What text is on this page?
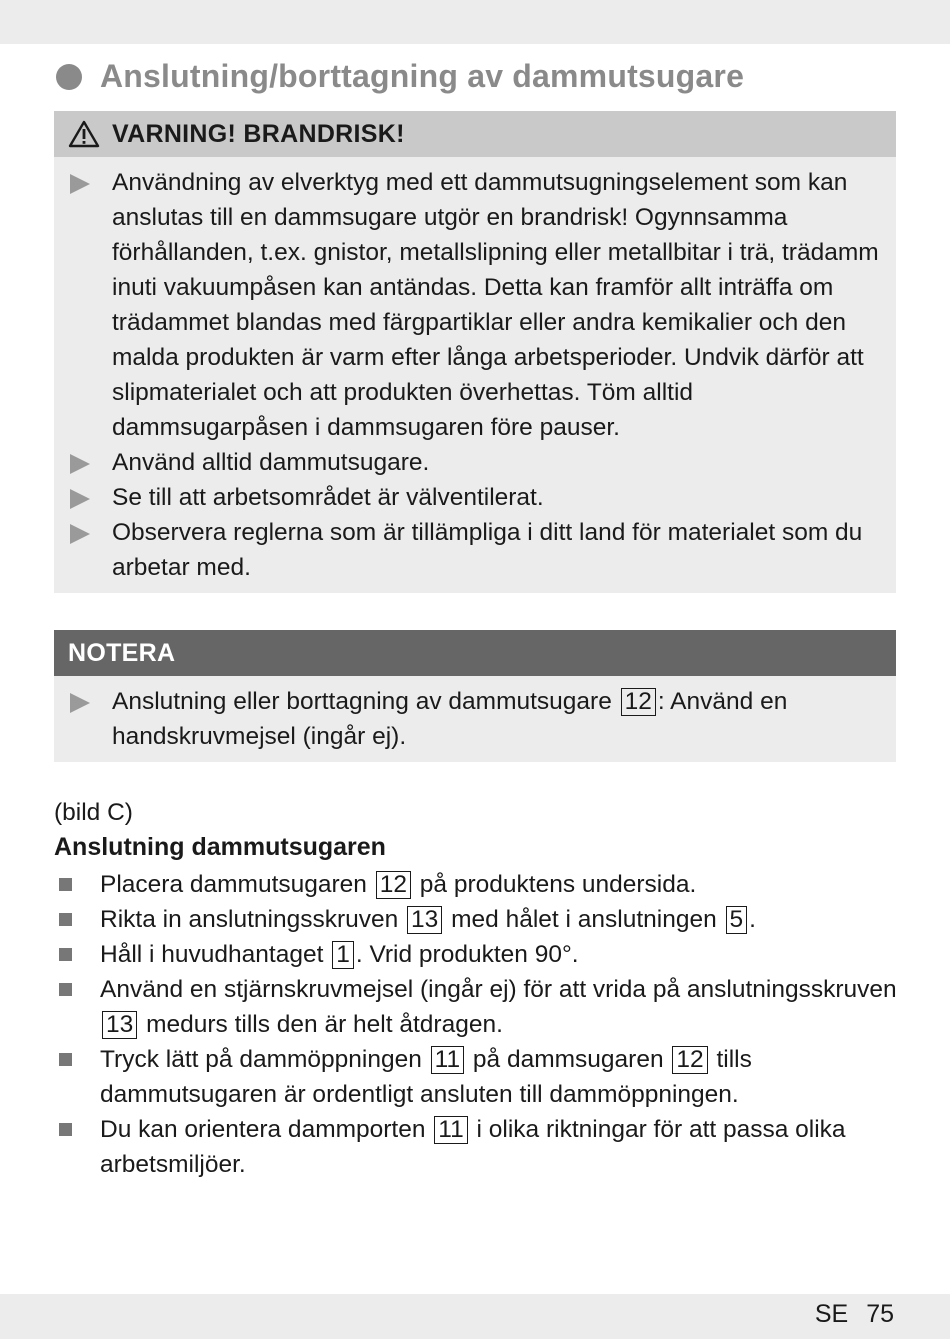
Anslutning/borttagning av dammutsugare
VARNING! BRANDRISK!
Användning av elverktyg med ett dammutsugningselement som kan anslutas till en dammsugare utgör en brandrisk! Ogynnsamma förhållanden, t.ex. gnistor, metallslipning eller metallbitar i trä, trädamm inuti vakuumpåsen kan antändas. Detta kan framför allt inträffa om trädammet blandas med färgpartiklar eller andra kemikalier och den malda produkten är varm efter långa arbetsperioder. Undvik därför att slipmaterialet och att produkten överhettas. Töm alltid dammsugarpåsen i dammsugaren före pauser.
Använd alltid dammutsugare.
Se till att arbetsområdet är välventilerat.
Observera reglerna som är tillämpliga i ditt land för materialet som du arbetar med.
NOTERA
Anslutning eller borttagning av dammutsugare 12 : Använd en handskruvmejsel (ingår ej).
(bild C)
Anslutning dammutsugaren
Placera dammutsugaren 12 på produktens undersida.
Rikta in anslutningsskruven 13 med hålet i anslutningen 5 .
Håll i huvudhantaget 1 . Vrid produkten 90°.
Använd en stjärnskruvmejsel (ingår ej) för att vrida på anslutningsskruven 13 medurs tills den är helt åtdragen.
Tryck lätt på dammöppningen 11 på dammsugaren 12 tills dammutsugaren är ordentligt ansluten till dammöppningen.
Du kan orientera dammporten 11 i olika riktningar för att passa olika arbetsmiljöer.
SE 75
